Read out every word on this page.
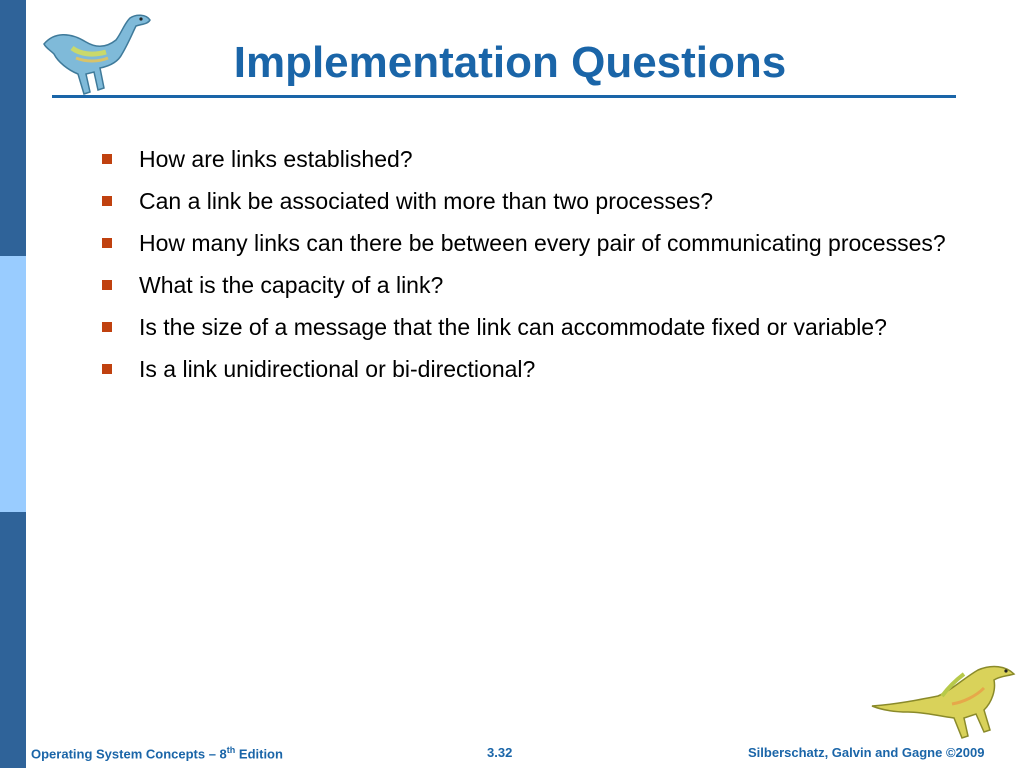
Implementation Questions
How are links established?
Can a link be associated with more than two processes?
How many links can there be between every pair of communicating processes?
What is the capacity of a link?
Is the size of a message that the link can accommodate fixed or variable?
Is a link unidirectional or bi-directional?
Operating System Concepts – 8th Edition	3.32	Silberschatz, Galvin and Gagne ©2009
